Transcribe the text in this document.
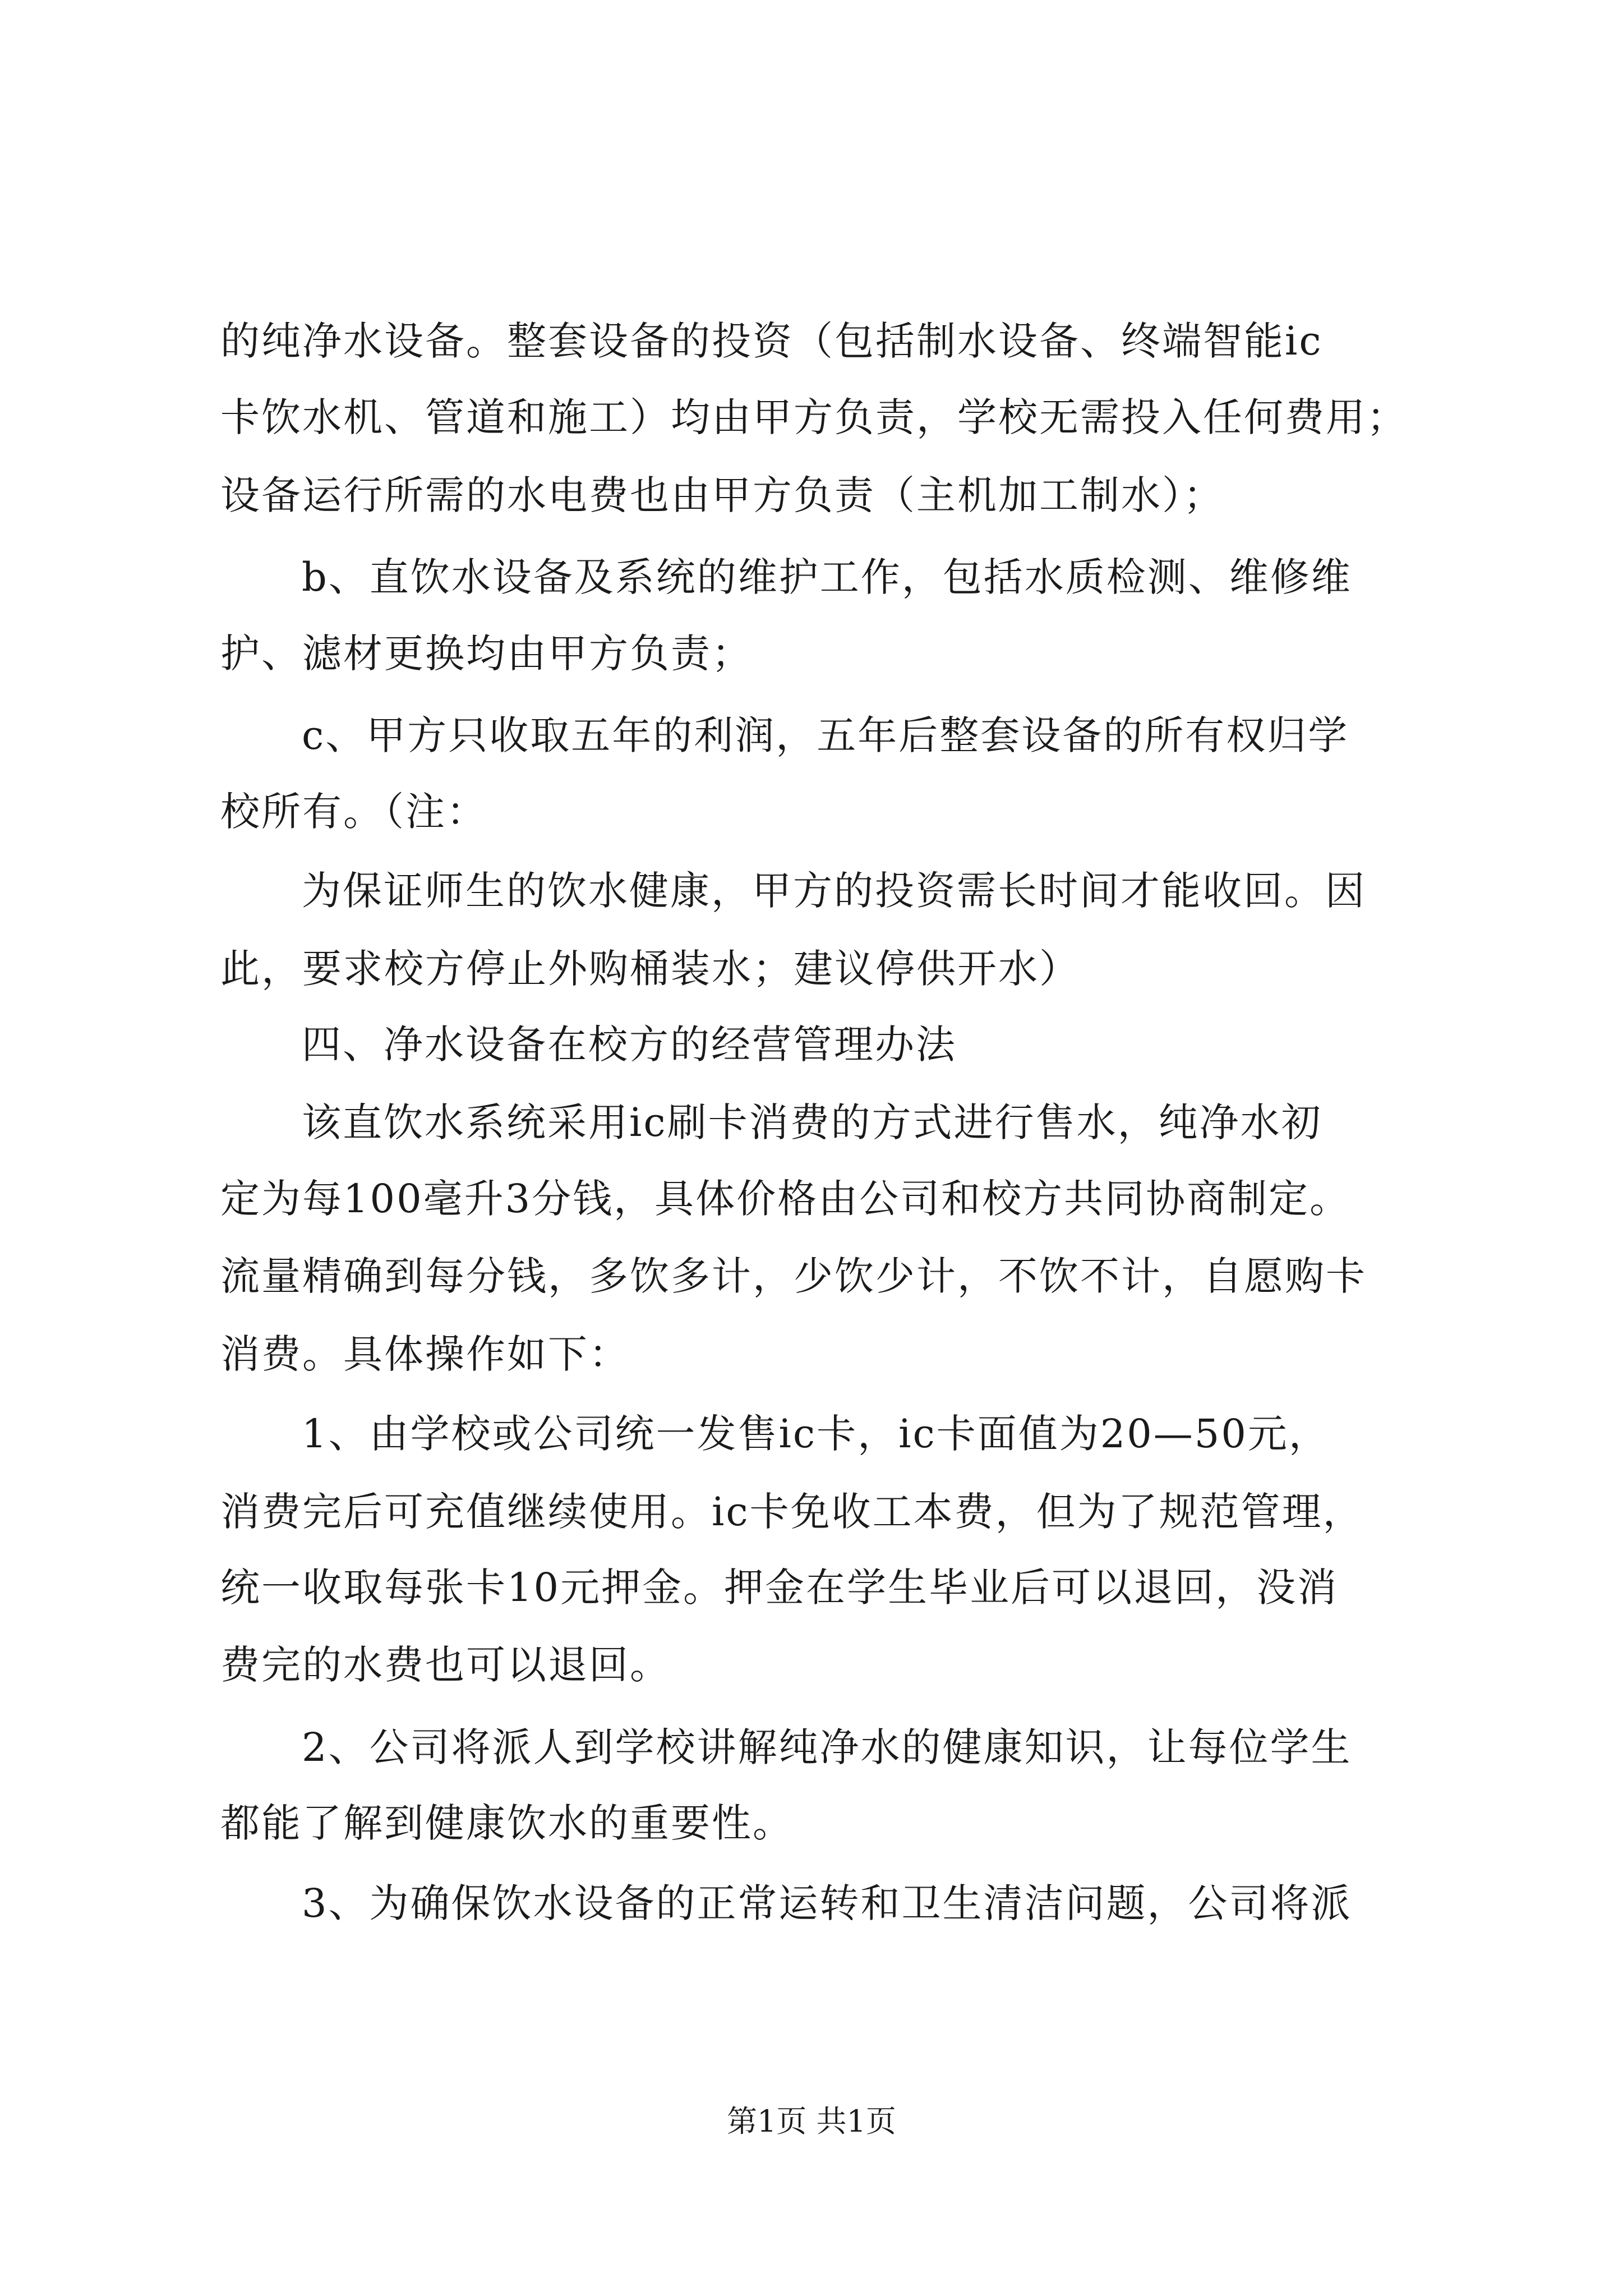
的纯净水设备。整套设备的投资（包括制水设备、终端智能ic
卡饮水机、管道和施工）均由甲方负责，学校无需投入任何费用；
设备运行所需的水电费也由甲方负责（主机加工制水）；
b、直饮水设备及系统的维护工作，包括水质检测、维修维
护、滤材更换均由甲方负责；
c、甲方只收取五年的利润，五年后整套设备的所有权归学
校所有。（注：
为保证师生的饮水健康，甲方的投资需长时间才能收回。因
此，要求校方停止外购桶装水；建议停供开水）
四、净水设备在校方的经营管理办法
该直饮水系统采用ic刷卡消费的方式进行售水，纯净水初
定为每100毫升3分钱，具体价格由公司和校方共同协商制定。
流量精确到每分钱，多饮多计，少饮少计，不饮不计，自愿购卡
消费。具体操作如下：
1、由学校或公司统一发售ic卡，ic卡面值为20—50元，
消费完后可充值继续使用。ic卡免收工本费，但为了规范管理，
统一收取每张卡10元押金。押金在学生毕业后可以退回，没消
费完的水费也可以退回。
2、公司将派人到学校讲解纯净水的健康知识，让每位学生
都能了解到健康饮水的重要性。
3、为确保饮水设备的正常运转和卫生清洁问题，公司将派
第1页 共1页
